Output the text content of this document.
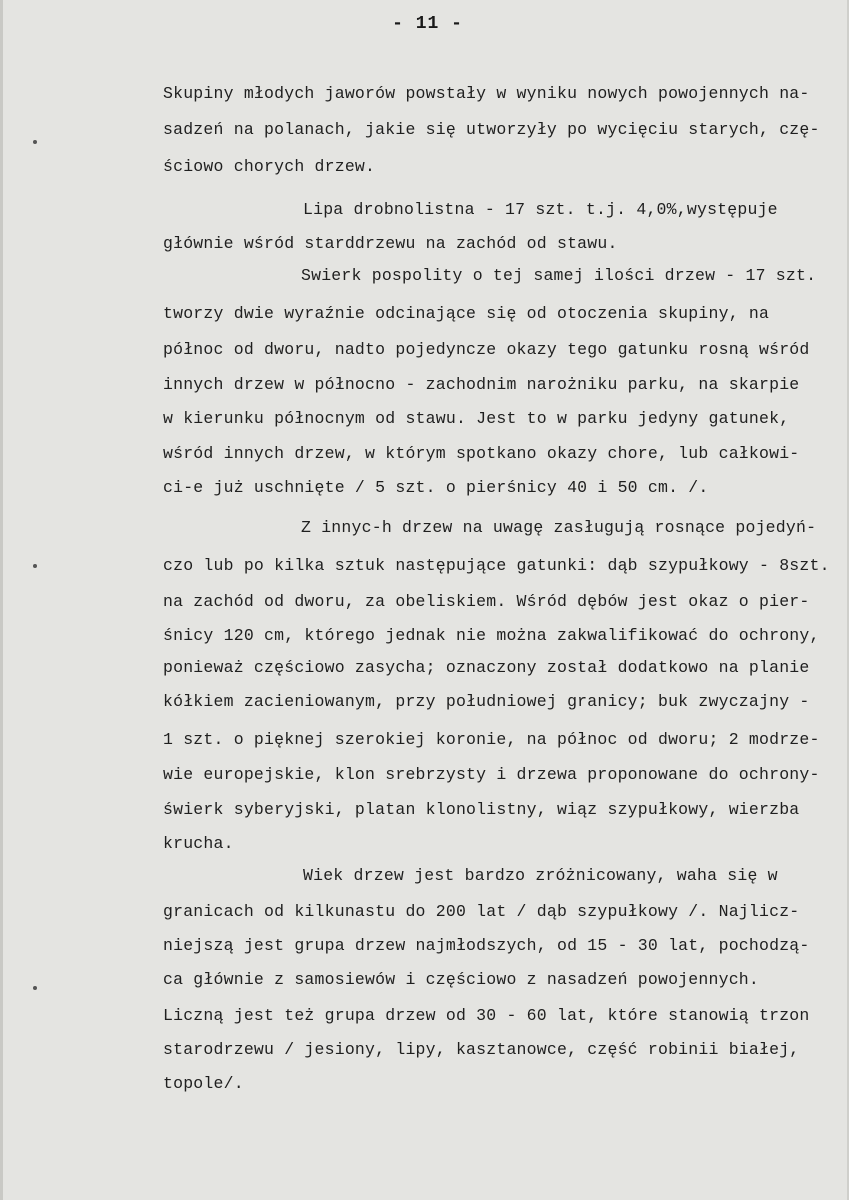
- 11 -

Skupiny młodych jaworów powstały w wyniku nowych powojennych na-

sadzeń na polanach, jakie się utworzyły po wycięciu starych, czę-

ściowo chorych drzew.

Lipa drobnolistna - 17 szt. t.j. 4,0%,występuje

głównie wśród starddrzewu na zachód od stawu.

Swierk pospolity o tej samej ilości drzew - 17 szt.

tworzy dwie wyraźnie odcinające się od otoczenia skupiny, na

północ od dworu, nadto pojedyncze okazy tego gatunku rosną wśród

innych drzew w północno - zachodnim narożniku parku, na skarpie

w kierunku północnym od stawu. Jest to w parku jedyny gatunek,

wśród innych drzew, w którym spotkano okazy chore, lub całkowi-

ci-e już uschnięte / 5 szt. o pierśnicy 40 i 50 cm. /.

Z innyc-h drzew na uwagę zasługują rosnące pojedyń-

czo lub po kilka sztuk następujące gatunki: dąb szypułkowy - 8szt.

na zachód od dworu, za obeliskiem. Wśród dębów jest okaz o pier-

śnicy 120 cm, którego jednak nie można zakwalifikować do ochrony,

ponieważ częściowo zasycha; oznaczony został dodatkowo na planie

kółkiem zacieniowanym, przy południowej granicy; buk zwyczajny -

1 szt. o pięknej szerokiej koronie, na północ od dworu; 2 modrze-

wie europejskie, klon srebrzysty i drzewa proponowane do ochrony-

świerk syberyjski, platan klonolistny, wiąz szypułkowy, wierzba

krucha.

Wiek drzew jest bardzo zróżnicowany, waha się w

granicach od kilkunastu do 200 lat / dąb szypułkowy /. Najlicz-

niejszą jest grupa drzew najmłodszych, od 15 - 30 lat, pochodzą-

ca głównie z samosiewów i częściowo z nasadzeń powojennych.

Liczną jest też grupa drzew od 30 - 60 lat, które stanowią trzon

starodrzewu / jesiony, lipy, kasztanowce, część robinii białej,

topole/.
